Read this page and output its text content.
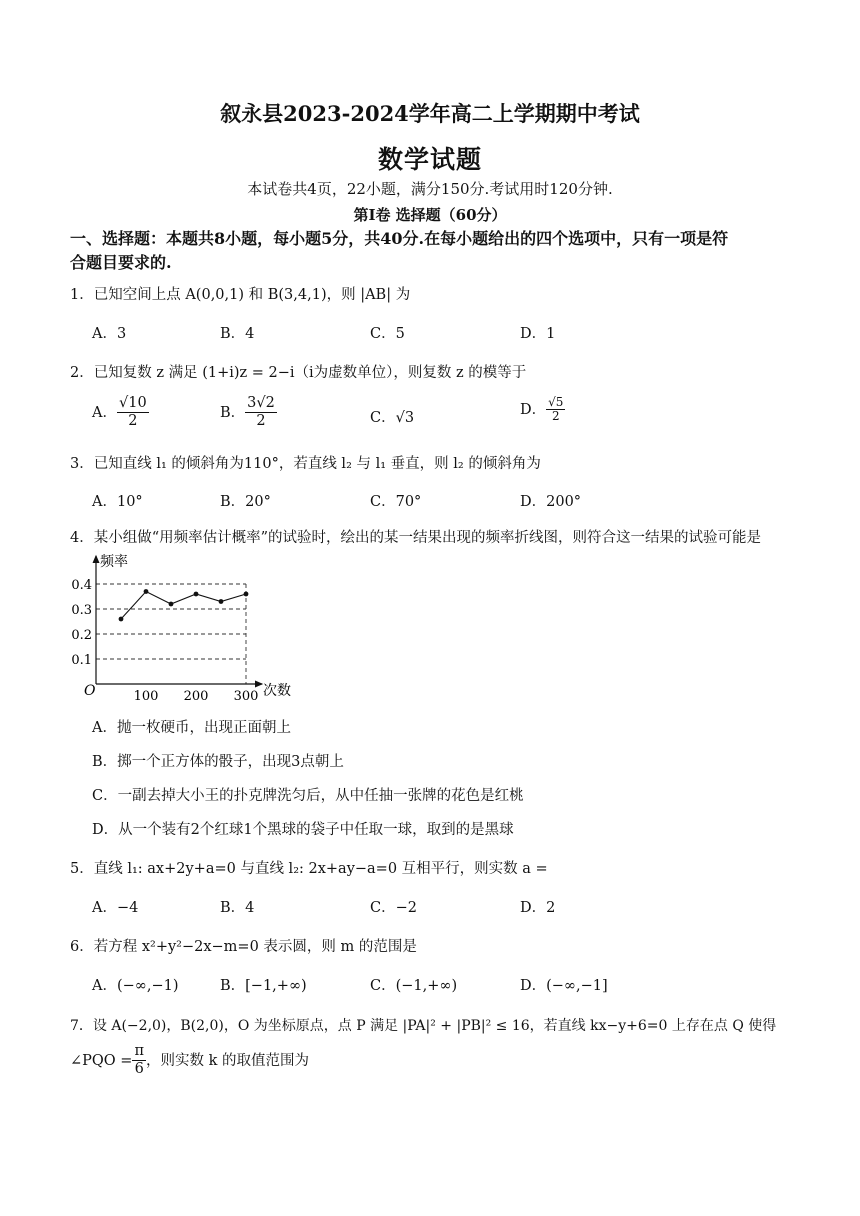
叙永县2023-2024学年高二上学期期中考试
数学试题
本试卷共4页，22小题，满分150分.考试用时120分钟.
第Ⅰ卷 选择题（60分）
一、选择题：本题共8小题，每小题5分，共40分.在每小题给出的四个选项中，只有一项是符
合题目要求的.
1．已知空间上点 A(0,0,1) 和 B(3,4,1)，则 |AB| 为
A．3	B．4	C．5	D．1
2．已知复数 z 满足 (1+i)z = 2−i（i为虚数单位），则复数 z 的模等于
A． $\frac{√10}{2}$	B． $\frac{3√2}{2}$	C．√3	D． $\frac{√5}{2}$
3．已知直线 l₁ 的倾斜角为110°，若直线 l₂ 与 l₁ 垂直，则 l₂ 的倾斜角为
A．10°	B．20°	C．70°	D．200°
4．某小组做“用频率估计概率”的试验时，绘出的某一结果出现的频率折线图，则符合这一结果的试验可能是
频率
次数
O
0.1
0.2
0.3
0.4
100 200 300
A．抛一枚硬币，出现正面朝上
B．掷一个正方体的骰子，出现3点朝上
C．一副去掉大小王的扑克牌洗匀后，从中任抽一张牌的花色是红桃
D．从一个装有2个红球1个黑球的袋子中任取一球，取到的是黑球
5．直线 l₁: ax+2y+a=0 与直线 l₂: 2x+ay−a=0 互相平行，则实数 a =
A．−4	B．4	C．−2	D．2
6．若方程 x²+y²−2x−m=0 表示圆，则 m 的范围是
A．(−∞,−1)	B．[−1,+∞)	C．(−1,+∞)	D．(−∞,−1]
7．设 A(−2,0)，B(2,0)，O 为坐标原点，点 P 满足 |PA|² + |PB|² ≤ 16，若直线 kx−y+6=0 上存在点 Q 使得
∠PQO = $\frac{\pi}{6}$ ，则实数 k 的取值范围为
